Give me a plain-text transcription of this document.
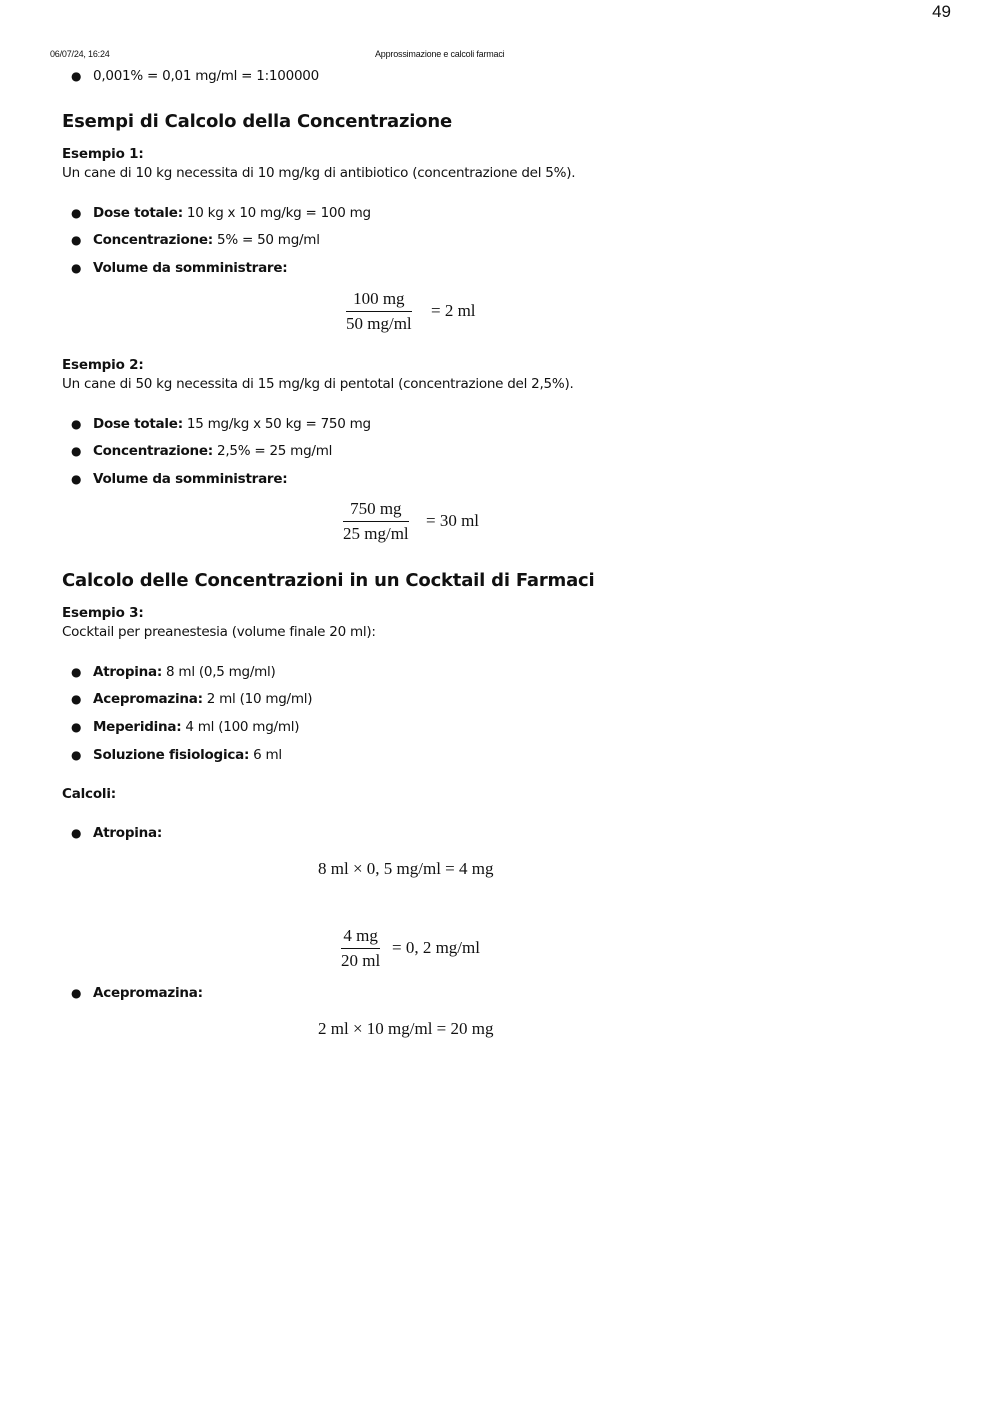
49
06/07/24, 16:24	Approssimazione e calcoli farmaci
● 0,001% = 0,01 mg/ml = 1:100000
Esempi di Calcolo della Concentrazione
Esempio 1:
Un cane di 10 kg necessita di 10 mg/kg di antibiotico (concentrazione del 5%).
● Dose totale: 10 kg x 10 mg/kg = 100 mg
● Concentrazione: 5% = 50 mg/ml
● Volume da somministrare:
100 mg
50 mg/ml
= 2 ml
Esempio 2:
Un cane di 50 kg necessita di 15 mg/kg di pentotal (concentrazione del 2,5%).
● Dose totale: 15 mg/kg x 50 kg = 750 mg
● Concentrazione: 2,5% = 25 mg/ml
● Volume da somministrare:
750 mg
25 mg/ml
= 30 ml
Calcolo delle Concentrazioni in un Cocktail di Farmaci
Esempio 3:
Cocktail per preanestesia (volume finale 20 ml):
● Atropina: 8 ml (0,5 mg/ml)
● Acepromazina: 2 ml (10 mg/ml)
● Meperidina: 4 ml (100 mg/ml)
● Soluzione fisiologica: 6 ml
Calcoli:
● Atropina:
8 ml × 0, 5 mg/ml = 4 mg
4 mg
20 ml
= 0, 2 mg/ml
● Acepromazina:
2 ml × 10 mg/ml = 20 mg
